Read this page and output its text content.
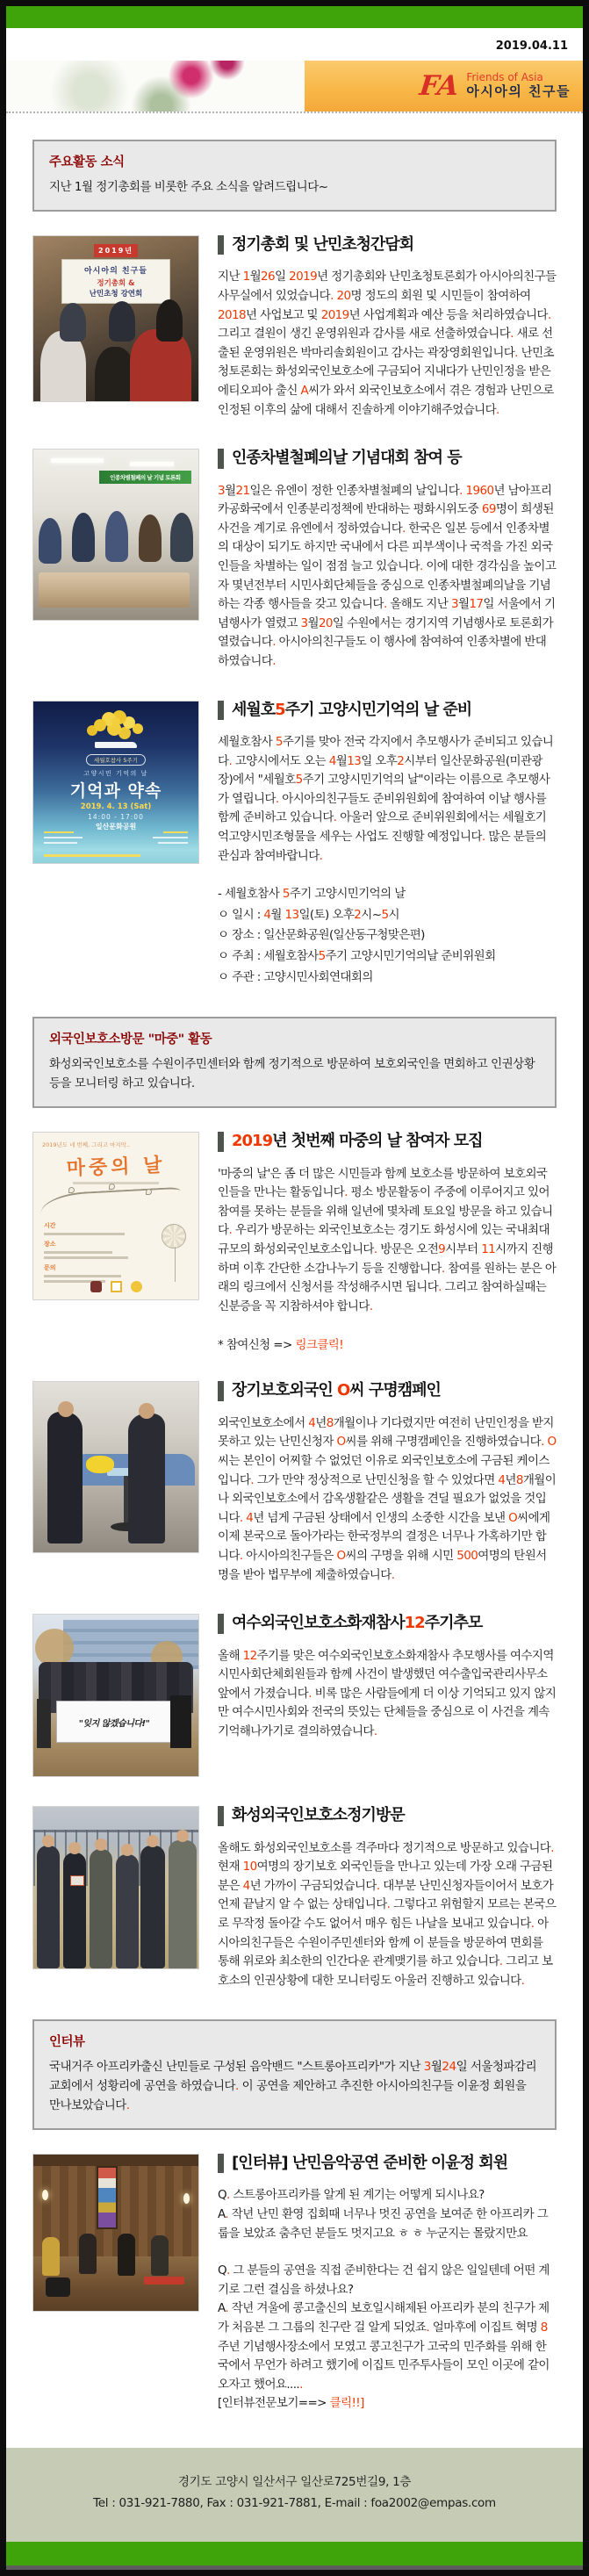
2019.04.11
FA Friends of Asia
아시아의 친구들
주요활동 소식
지난 1월 정기총회를 비롯한 주요 소식을 알려드립니다~
2019년
아시아의 친구들
정기총회 &
난민초청 강연회
정기총회 및 난민초청간담회

지난 1월26일 2019년 정기총회와 난민초청토론회가 아시아의친구들 사무실에서 있었습니다. 20명 정도의 회원 및 시민들이 참여하여 2018년 사업보고 및 2019년 사업계획과 예산 등을 처리하였습니다. 그리고 결원이 생긴 운영위원과 감사를 새로 선출하였습니다. 새로 선출된 운영위원은 박마리솔회원이고 감사는 곽장영회원입니다. 난민초청토론회는 화성외국인보호소에 구금되어 지내다가 난민인정을 받은 에티오피아 출신 A씨가 와서 외국인보호소에서 겪은 경험과 난민으로 인정된 이후의 삶에 대해서 진솔하게 이야기해주었습니다.

인종차별철폐의 날 기념 토론회
인종차별철폐의날 기념대회 참여 등

3월21일은 유엔이 정한 인종차별철폐의 날입니다. 1960년 남아프리카공화국에서 인종분리정책에 반대하는 평화시위도중 69명이 희생된 사건을 계기로 유엔에서 정하였습니다. 한국은 일본 등에서 인종차별의 대상이 되기도 하지만 국내에서 다른 피부색이나 국적을 가진 외국인들을 차별하는 일이 점점 늘고 있습니다. 이에 대한 경각심을 높이고자 몇년전부터 시민사회단체들을 중심으로 인종차별철폐의날을 기념하는 각종 행사들을 갖고 있습니다. 올해도 지난 3월17일 서울에서 기념행사가 열렸고 3월20일 수원에서는 경기지역 기념행사로 토론회가 열렸습니다. 아시아의친구들도 이 행사에 참여하여 인종차별에 반대하였습니다.

세월호참사 5주기
고양시민 기억의 날
기억과 약속
2019. 4. 13 (Sat)
14:00 - 17:00
일산문화공원
세월호5주기 고양시민기억의 날 준비

세월호참사 5주기를 맞아 전국 각지에서 추모행사가 준비되고 있습니다. 고양시에서도 오는 4월13일 오후2시부터 일산문화공원(미관광장)에서 "세월호5주기 고양시민기억의 날"이라는 이름으로 추모행사가 열립니다. 아시아의친구들도 준비위원회에 참여하여 이날 행사를 함께 준비하고 있습니다. 아울러 앞으로 준비위원회에서는 세월호기억고양시민조형물을 세우는 사업도 진행할 예정입니다. 많은 분들의 관심과 참여바랍니다.

- 세월호참사 5주기 고양시민기억의 날
ㅇ 일시 : 4월 13일(토) 오후2시~5시
ㅇ 장소 : 일산문화공원(일산동구청맞은편)
ㅇ 주최 : 세월호참사5주기 고양시민기억의날 준비위원회
ㅇ 주관 : 고양시민사회연대회의
외국인보호소방문 "마중" 활동
화성외국인보호소를 수원이주민센터와 함께 정기적으로 방문하여 보호외국인을 면회하고 인권상황 등을 모니터링 하고 있습니다.
2019년도 네 번째, 그리고 마지막..
마중의 날
시간
장소
문의
2019년 첫번째 마중의 날 참여자 모집

'마중의 날'은 좀 더 많은 시민들과 함께 보호소를 방문하여 보호외국인들을 만나는 활동입니다. 평소 방문활동이 주중에 이루어지고 있어 참여를 못하는 분들을 위해 일년에 몇차례 토요일 방문을 하고 있습니다. 우리가 방문하는 외국인보호소는 경기도 화성시에 있는 국내최대규모의 화성외국인보호소입니다. 방문은 오전9시부터 11시까지 진행하며 이후 간단한 소감나누기 등을 진행합니다. 참여를 원하는 분은 아래의 링크에서 신청서를 작성해주시면 됩니다. 그리고 참여하실때는 신분증을 꼭 지참하셔야 합니다.

* 참여신청 => 링크클릭!

장기보호외국인 O씨 구명캠페인

외국인보호소에서 4년8개월이나 기다렸지만 여전히 난민인정을 받지 못하고 있는 난민신청자 O씨를 위해 구명캠페인을 진행하였습니다. O씨는 본인이 어찌할 수 없었던 이유로 외국인보호소에 구금된 케이스입니다. 그가 만약 정상적으로 난민신청을 할 수 있었다면 4년8개월이나 외국인보호소에서 감옥생활같은 생활을 견딜 필요가 없었을 것입니다. 4년 넘게 구금된 상태에서 인생의 소중한 시간을 보낸 O씨에게 이제 본국으로 돌아가라는 한국정부의 결정은 너무나 가혹하기만 합니다. 아시아의친구들은 O씨의 구명을 위해 시민 500여명의 탄원서명을 받아 법무부에 제출하였습니다.

"잊지 않겠습니다!"
여수외국인보호소화재참사12주기추모

올해 12주기를 맞은 여수외국인보호소화재참사 추모행사를 여수지역시민사회단체회원들과 함께 사건이 발생했던 여수출입국관리사무소 앞에서 가졌습니다. 비록 많은 사람들에게 더 이상 기억되고 있지 않지만 여수시민사회와 전국의 뜻있는 단체들을 중심으로 이 사건을 계속 기억해나가기로 결의하였습니다.

화성외국인보호소정기방문

올해도 화성외국인보호소를 격주마다 정기적으로 방문하고 있습니다. 현재 10여명의 장기보호 외국인들을 만나고 있는데 가장 오래 구금된 분은 4년 가까이 구금되었습니다. 대부분 난민신청자들이어서 보호가 언제 끝날지 알 수 없는 상태입니다. 그렇다고 위험할지 모르는 본국으로 무작정 돌아갈 수도 없어서 매우 힘든 나날을 보내고 있습니다. 아시아의친구들은 수원이주민센터와 함께 이 분들을 방문하여 면회를 통해 위로와 최소한의 인간다운 관계맺기를 하고 있습니다. 그리고 보호소의 인권상황에 대한 모니터링도 아울러 진행하고 있습니다.

인터뷰
국내거주 아프리카출신 난민들로 구성된 음악밴드 "스트롱아프리카"가 지난 3월24일 서울청파감리교회에서 성황리에 공연을 하였습니다. 이 공연을 제안하고 추진한 아시아의친구들 이윤정 회원을 만나보았습니다.
[인터뷰] 난민음악공연 준비한 이윤정 회원

Q. 스트롱아프리카를 알게 된 계기는 어떻게 되시나요?

A. 작년 난민 환영 집회때 너무나 멋진 공연을 보여준 한 아프리카 그룹을 보았죠 춤추던 분들도 멋지고요 ㅎ ㅎ 누군지는 몰랐지만요

Q. 그 분들의 공연을 직접 준비한다는 건 쉽지 않은 일일텐데 어떤 계기로 그런 결심을 하셨나요?

A. 작년 겨울에 콩고출신의 보호일시해제된 아프리카 분의 친구가 제가 처음본 그 그룹의 친구란 걸 알게 되었죠. 얼마후에 이집트 혁명 8주년 기념행사장소에서 모였고 콩고친구가 고국의 민주화를 위해 한국에서 무언가 하려고 했기에 이집트 민주투사들이 모인 이곳에 같이 오자고 했어요.....

[인터뷰전문보기==> 클릭!!]

경기도 고양시 일산서구 일산로725번길9, 1층
Tel : 031-921-7880, Fax : 031-921-7881, E-mail : foa2002@empas.com
